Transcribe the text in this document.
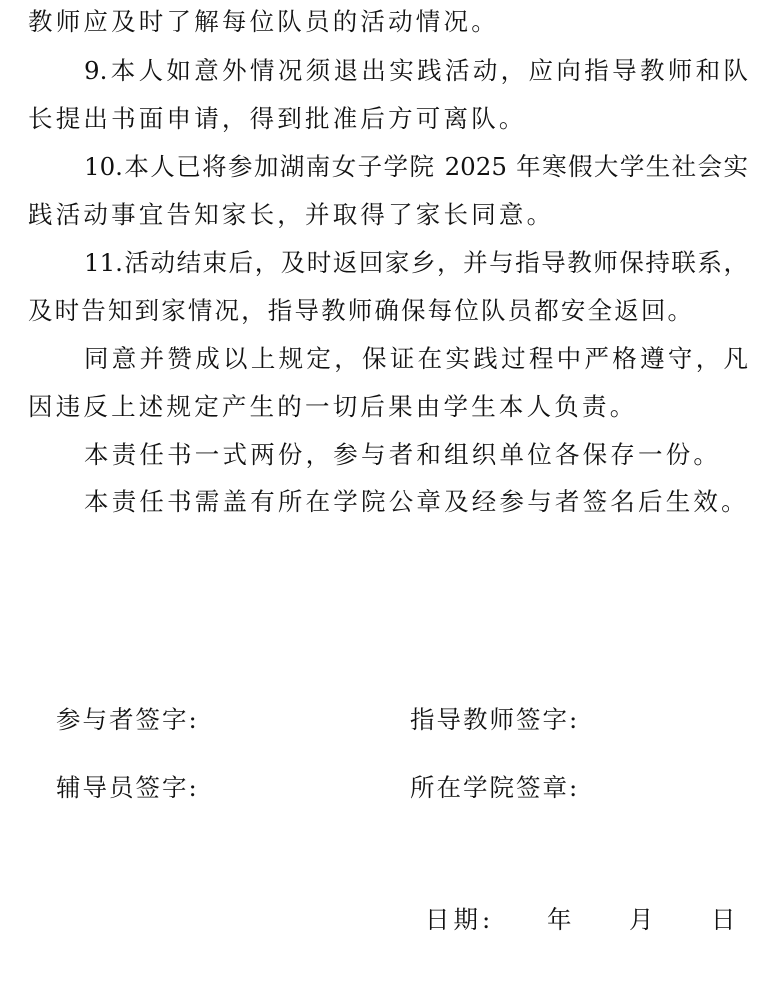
教师应及时了解每位队员的活动情况。
9.本人如意外情况须退出实践活动，应向指导教师和队
长提出书面申请，得到批准后方可离队。
10.本人已将参加湖南女子学院 2025 年寒假大学生社会实
践活动事宜告知家长，并取得了家长同意。
11.活动结束后，及时返回家乡，并与指导教师保持联系，
及时告知到家情况，指导教师确保每位队员都安全返回。
同意并赞成以上规定，保证在实践过程中严格遵守，凡
因违反上述规定产生的一切后果由学生本人负责。
本责任书一式两份，参与者和组织单位各保存一份。
本责任书需盖有所在学院公章及经参与者签名后生效。
参与者签字:	指导教师签字:
辅导员签字:	所在学院签章:
日期: 年 月 日
